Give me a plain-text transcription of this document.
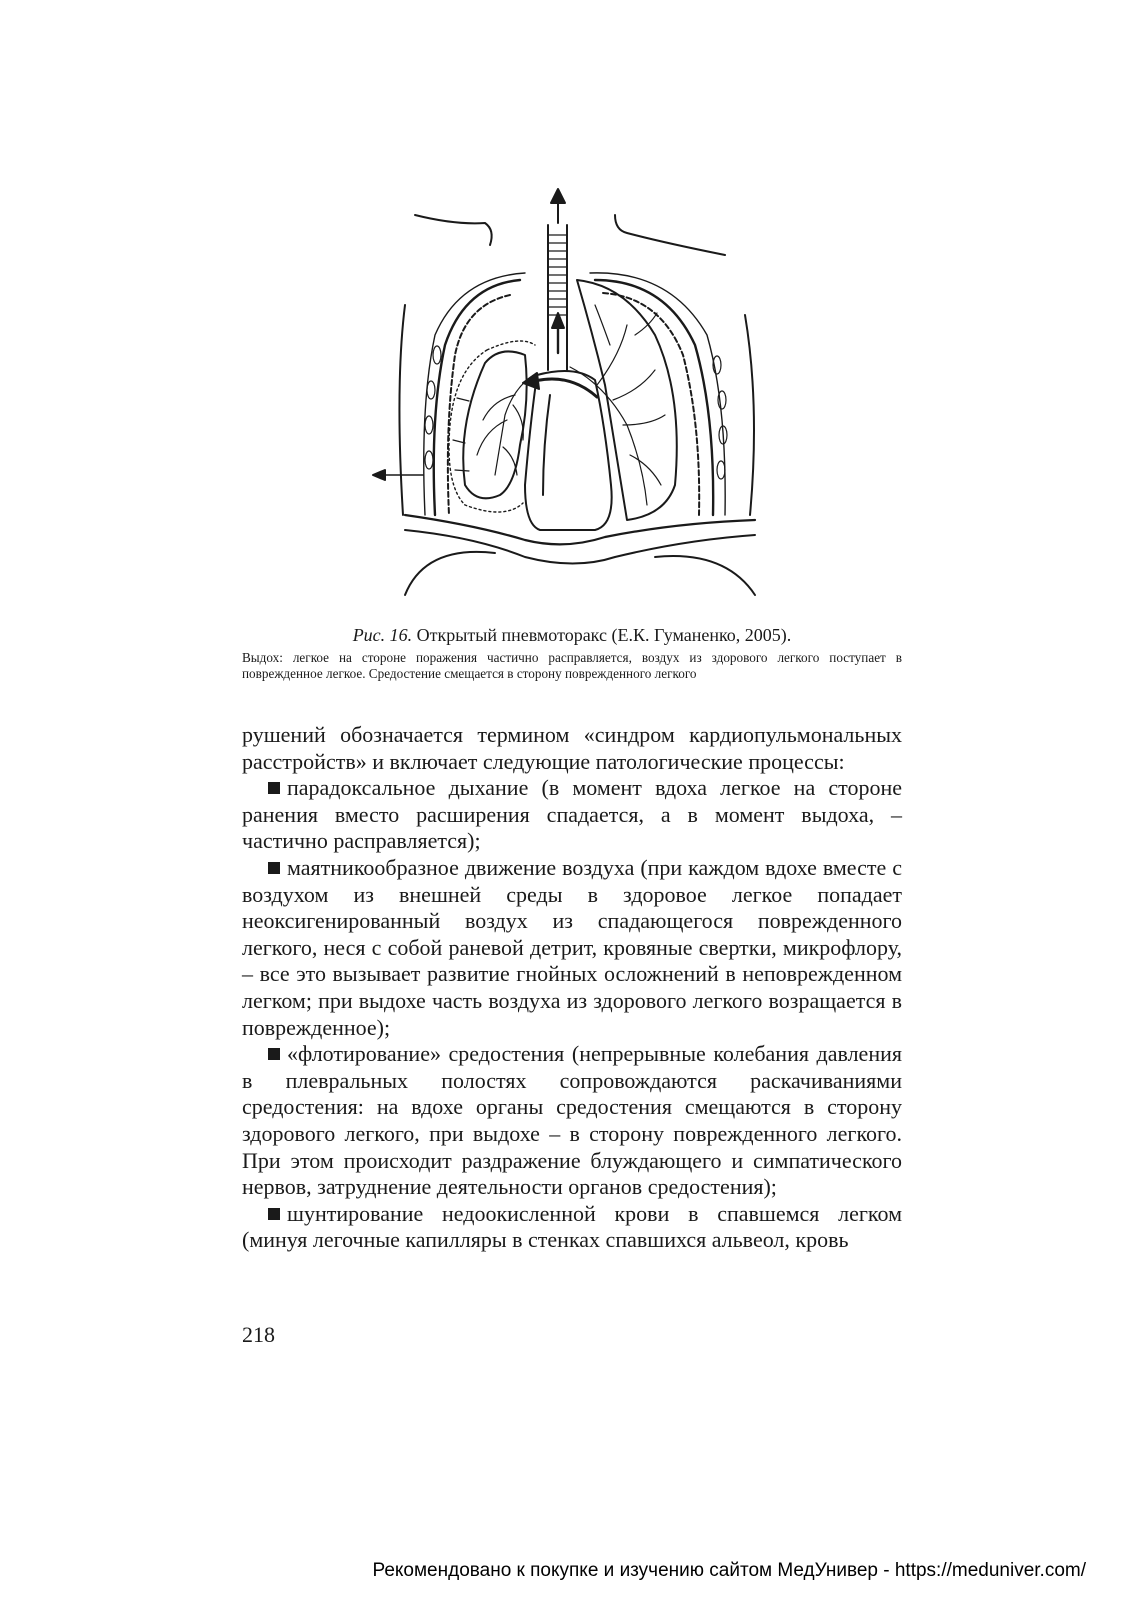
Рис. 16. Открытый пневмоторакс (Е.К. Гуманенко, 2005).
Выдох: легкое на стороне поражения частично расправляется, воздух из здорового легкого поступает в поврежденное легкое. Средостение смещается в сторону поврежденного легкого

рушений обозначается термином «синдром кардиопульмональных расстройств» и включает следующие патологические процессы:

парадоксальное дыхание (в момент вдоха легкое на стороне ранения вместо расширения спадается, а в момент выдоха, – частично расправляется);

маятникообразное движение воздуха (при каждом вдохе вместе с воздухом из внешней среды в здоровое легкое попадает неоксигенированный воздух из спадающегося поврежденного легкого, неся с собой раневой детрит, кровяные свертки, микрофлору, – все это вызывает развитие гнойных осложнений в неповрежденном легком; при выдохе часть воздуха из здорового легкого возращается в поврежденное);

«флотирование» средостения (непрерывные колебания давления в плевральных полостях сопровождаются раскачиваниями средостения: на вдохе органы средостения смещаются в сторону здорового легкого, при выдохе – в сторону поврежденного легкого. При этом происходит раздражение блуждающего и симпатического нервов, затруднение деятельности органов средостения);

шунтирование недоокисленной крови в спавшемся легком (минуя легочные капилляры в стенках спавшихся альвеол, кровь

218
Рекомендовано к покупке и изучению сайтом МедУнивер - https://meduniver.com/
